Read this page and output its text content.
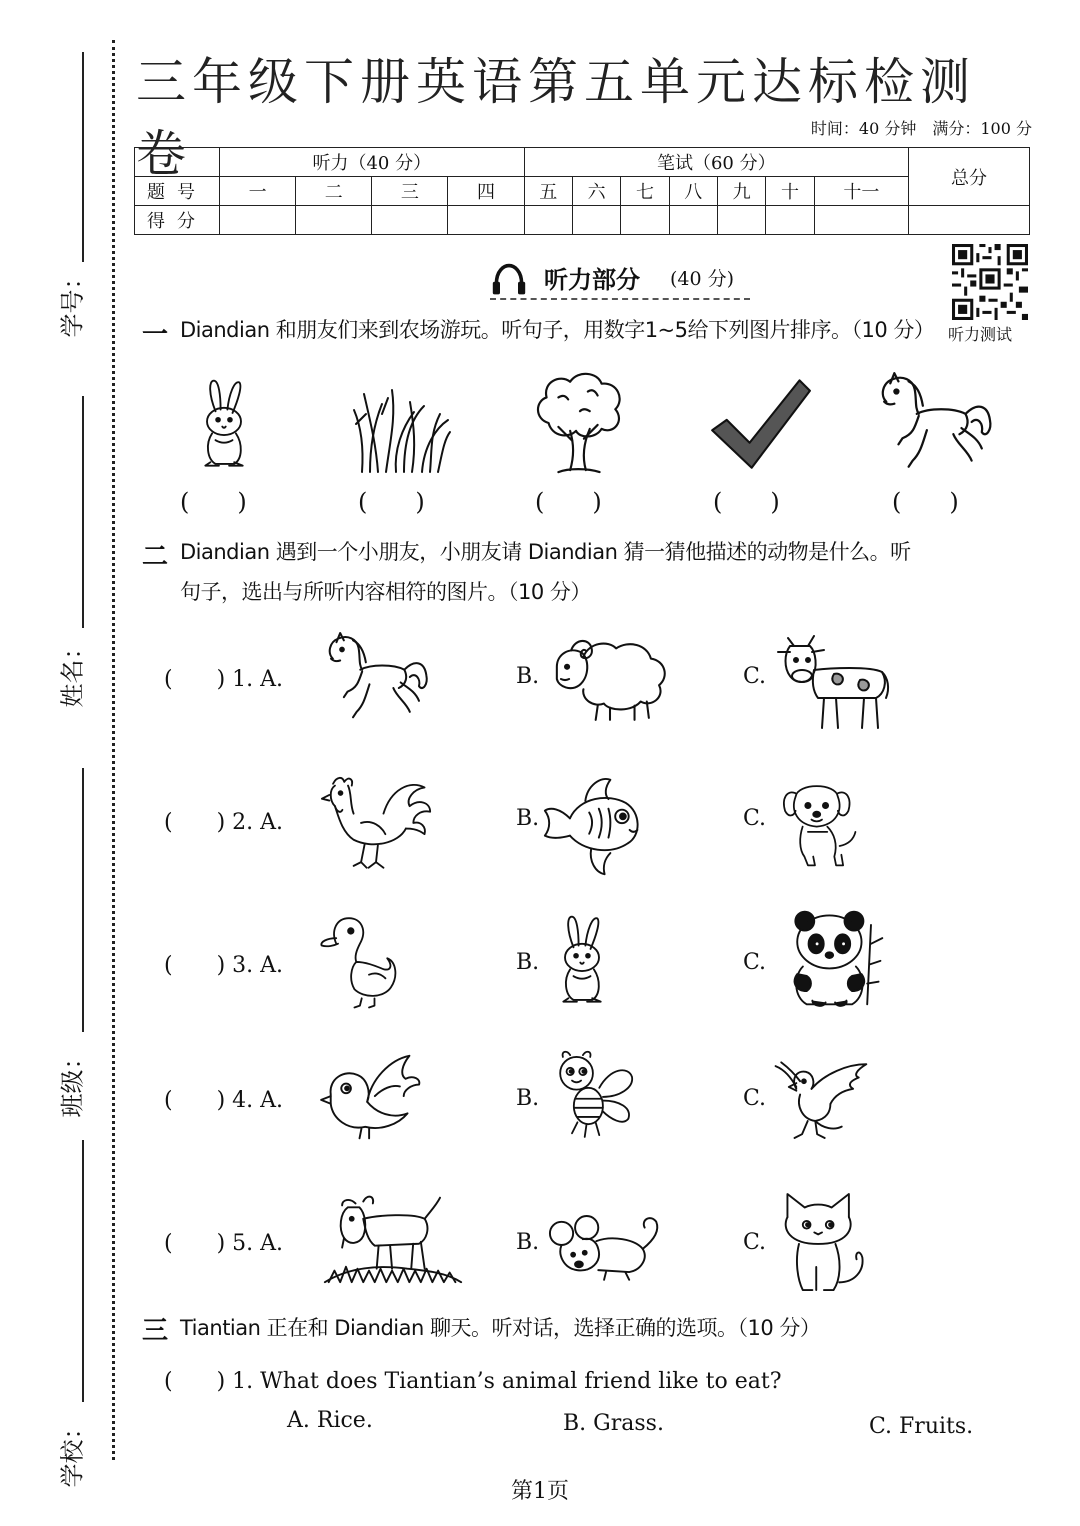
学号：
姓名：
班级：
学校：
三年级下册英语第五单元达标检测卷	时间：40 分钟　满分：100 分
	听力（40 分）				笔试（60 分）							总分
题号	一	二	三	四	五	六	七	八	九	十	十一	
得分												
听力部分 (40 分)
听力测试
一 Diandian 和朋友们来到农场游玩。听句子，用数字1~5给下列图片排序。（10 分）
(　　)	(　　)	(　　)	(　　)	(　　)
二 Diandian 遇到一个小朋友，小朋友请 Diandian 猜一猜他描述的动物是什么。听
句子，选出与所听内容相符的图片。（10 分）
(　　) 1. A.	B.	C.
(　　) 2. A.	B.	C.
(　　) 3. A.	B.	C.
(　　) 4. A.	B.	C.
(　　) 5. A.	B.	C.
三 Tiantian 正在和 Diandian 聊天。听对话，选择正确的选项。（10 分）
(　　) 1. What does Tiantian’s animal friend like to eat?
A. Rice.	B. Grass.	C. Fruits.
第1页
